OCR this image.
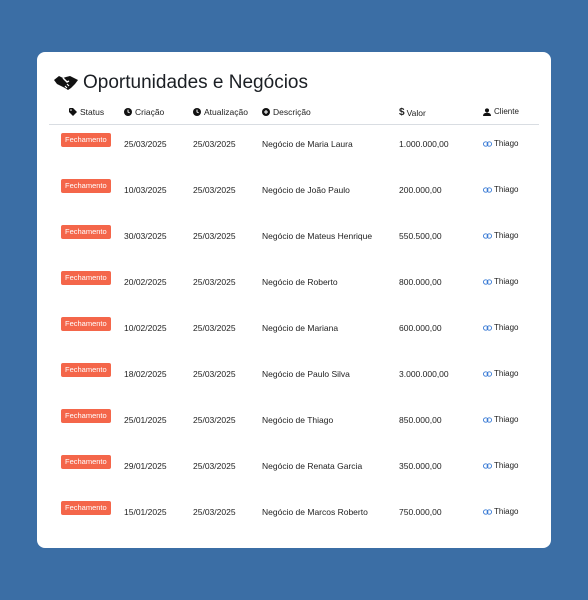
Oportunidades e Negócios
Status	Criação	Atualização	Descrição	$ Valor	Cliente
Fechamento	25/03/2025	25/03/2025	Negócio de Maria Laura	1.000.000,00	Thiago
Fechamento	10/03/2025	25/03/2025	Negócio de João Paulo	200.000,00	Thiago
Fechamento	30/03/2025	25/03/2025	Negócio de Mateus Henrique	550.500,00	Thiago
Fechamento	20/02/2025	25/03/2025	Negócio de Roberto	800.000,00	Thiago
Fechamento	10/02/2025	25/03/2025	Negócio de Mariana	600.000,00	Thiago
Fechamento	18/02/2025	25/03/2025	Negócio de Paulo Silva	3.000.000,00	Thiago
Fechamento	25/01/2025	25/03/2025	Negócio de Thiago	850.000,00	Thiago
Fechamento	29/01/2025	25/03/2025	Negócio de Renata Garcia	350.000,00	Thiago
Fechamento	15/01/2025	25/03/2025	Negócio de Marcos Roberto	750.000,00	Thiago
